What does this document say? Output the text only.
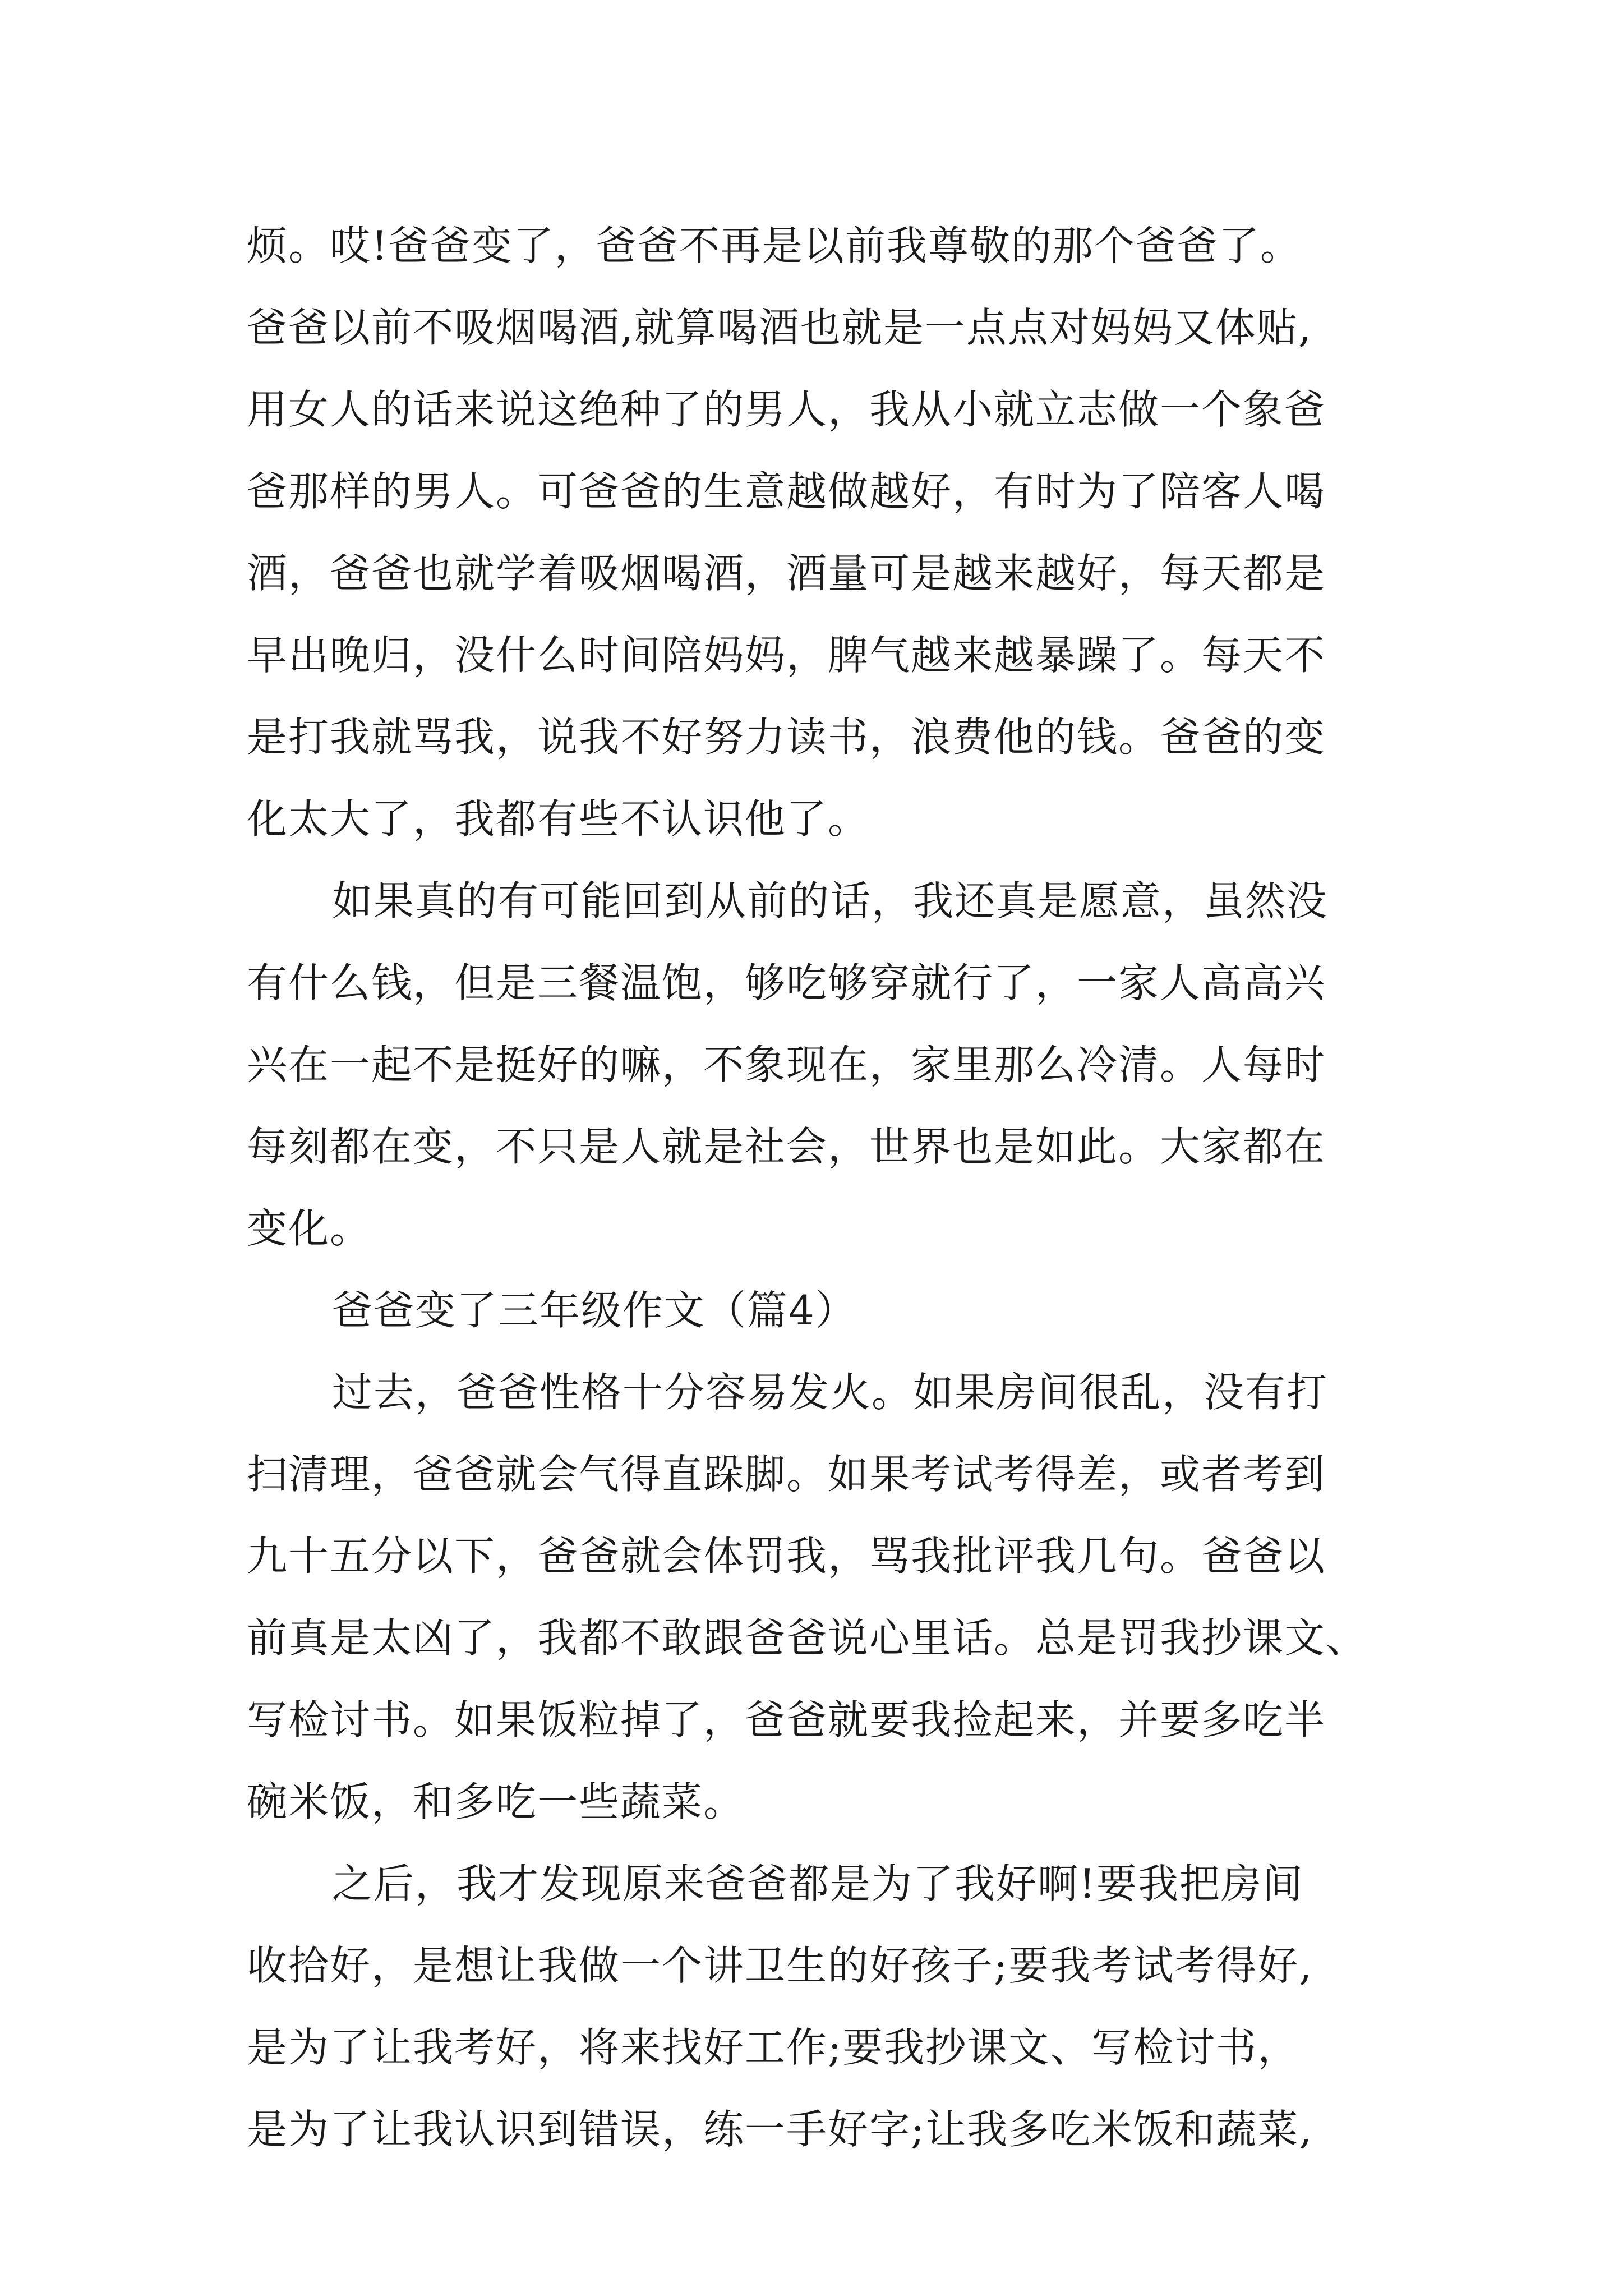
烦。哎!爸爸变了，爸爸不再是以前我尊敬的那个爸爸了。
爸爸以前不吸烟喝酒,就算喝酒也就是一点点对妈妈又体贴,
用女人的话来说这绝种了的男人，我从小就立志做一个象爸
爸那样的男人。可爸爸的生意越做越好，有时为了陪客人喝
酒，爸爸也就学着吸烟喝酒，酒量可是越来越好，每天都是
早出晚归，没什么时间陪妈妈，脾气越来越暴躁了。每天不
是打我就骂我，说我不好努力读书，浪费他的钱。爸爸的变
化太大了，我都有些不认识他了。
如果真的有可能回到从前的话，我还真是愿意，虽然没
有什么钱，但是三餐温饱，够吃够穿就行了，一家人高高兴
兴在一起不是挺好的嘛，不象现在，家里那么冷清。人每时
每刻都在变，不只是人就是社会，世界也是如此。大家都在
变化。
爸爸变了三年级作文（篇4）
过去，爸爸性格十分容易发火。如果房间很乱，没有打
扫清理，爸爸就会气得直跺脚。如果考试考得差，或者考到
九十五分以下，爸爸就会体罚我，骂我批评我几句。爸爸以
前真是太凶了，我都不敢跟爸爸说心里话。总是罚我抄课文、
写检讨书。如果饭粒掉了，爸爸就要我捡起来，并要多吃半
碗米饭，和多吃一些蔬菜。
之后，我才发现原来爸爸都是为了我好啊!要我把房间
收拾好，是想让我做一个讲卫生的好孩子;要我考试考得好,
是为了让我考好，将来找好工作;要我抄课文、写检讨书，
是为了让我认识到错误，练一手好字;让我多吃米饭和蔬菜,
